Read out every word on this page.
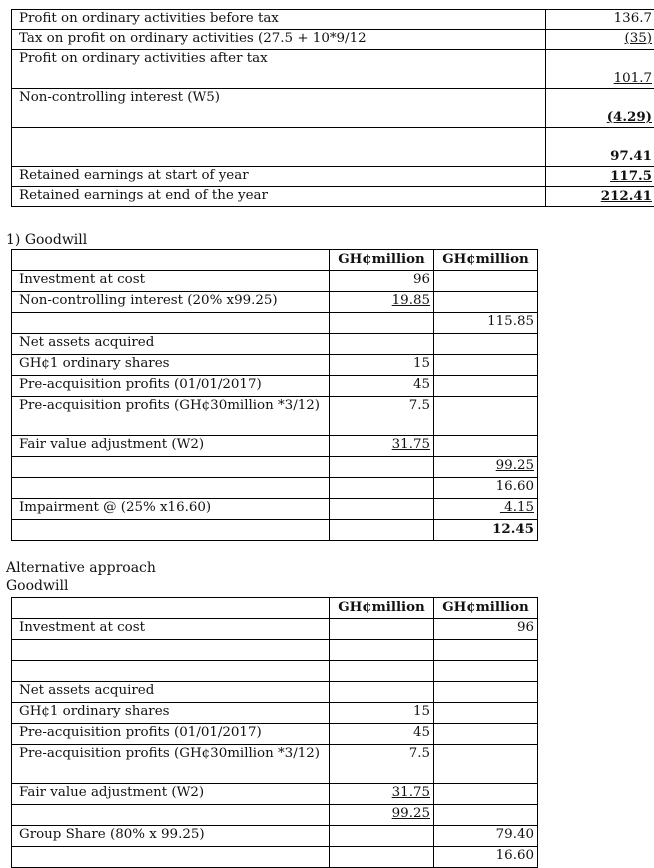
Profit on ordinary activities before tax	136.7
Tax on profit on ordinary activities (27.5 + 10*9/12	(35)
Profit on ordinary activities after tax	101.7
Non-controlling interest (W5)	(4.29)
	97.41
Retained earnings at start of year	117.5
Retained earnings at end of the year	212.41
1) Goodwill
	GH¢million	GH¢million
Investment at cost	96	
Non-controlling interest (20% x99.25)	19.85	
		115.85
Net assets acquired		
GH¢1 ordinary shares	15	
Pre-acquisition profits (01/01/2017)	45	
Pre-acquisition profits (GH¢30million *3/12)	7.5	
Fair value adjustment (W2)	31.75	
		99.25
		16.60
Impairment @ (25% x16.60)		4.15
		12.45
Alternative approach
Goodwill
	GH¢million	GH¢million
Investment at cost		96

Net assets acquired		
GH¢1 ordinary shares	15	
Pre-acquisition profits (01/01/2017)	45	
Pre-acquisition profits (GH¢30million *3/12)	7.5	
Fair value adjustment (W2)	31.75	
	99.25	
Group Share (80% x 99.25)		79.40
		16.60
